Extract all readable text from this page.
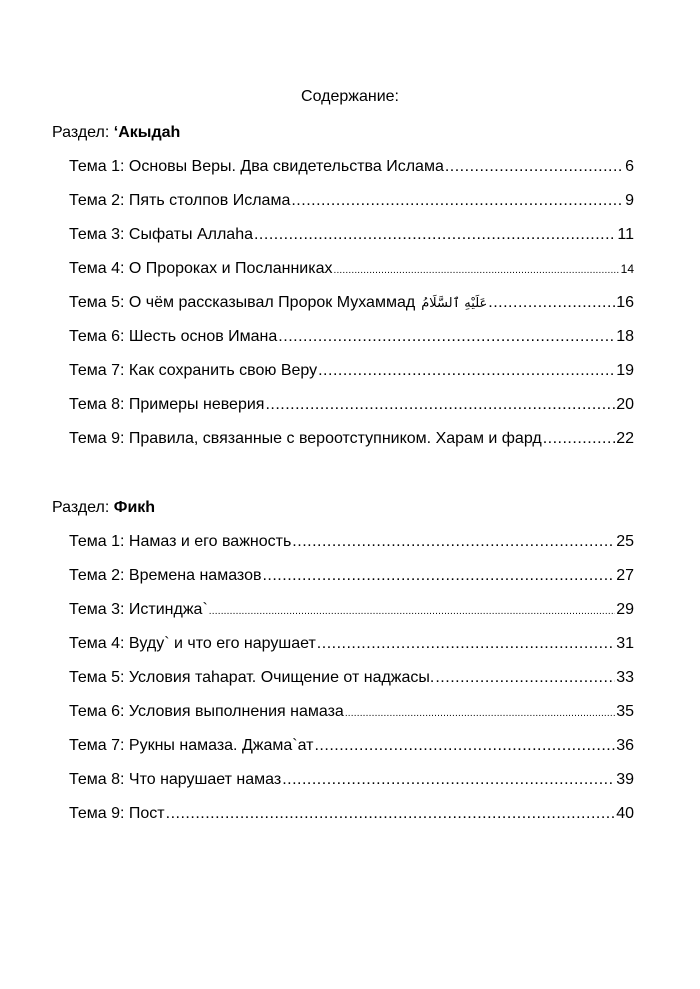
Содержание:
Раздел: ‘Акыдаh
Тема 1: Основы Веры. Два свидетельства Ислама .....	6
Тема 2: Пять столпов Ислама .....	9
Тема 3: Сыфаты Аллаhа .....	11
Тема 4: О Пророках и Посланниках .....	14
Тема 5: О чём рассказывал Пророк Мухаммад عَلَيْهِ ٱلسَّلَامُ .....	16
Тема 6: Шесть основ Имана .....	18
Тема 7: Как сохранить свою Веру .....	19
Тема 8: Примеры неверия .....	20
Тема 9: Правила, связанные с вероотступником. Харам и фард .....	22
Раздел: Фикh
Тема 1: Намаз и его важность .....	25
Тема 2: Времена намазов .....	27
Тема 3: Истинджа` .....	29
Тема 4: Вуду` и что его нарушает .....	31
Тема 5: Условия таhарат. Очищение от наджасы. .....	33
Тема 6: Условия выполнения намаза .....	35
Тема 7: Рукны намаза. Джама`ат .....	36
Тема 8: Что нарушает намаз .....	39
Тема 9: Пост .....	40
